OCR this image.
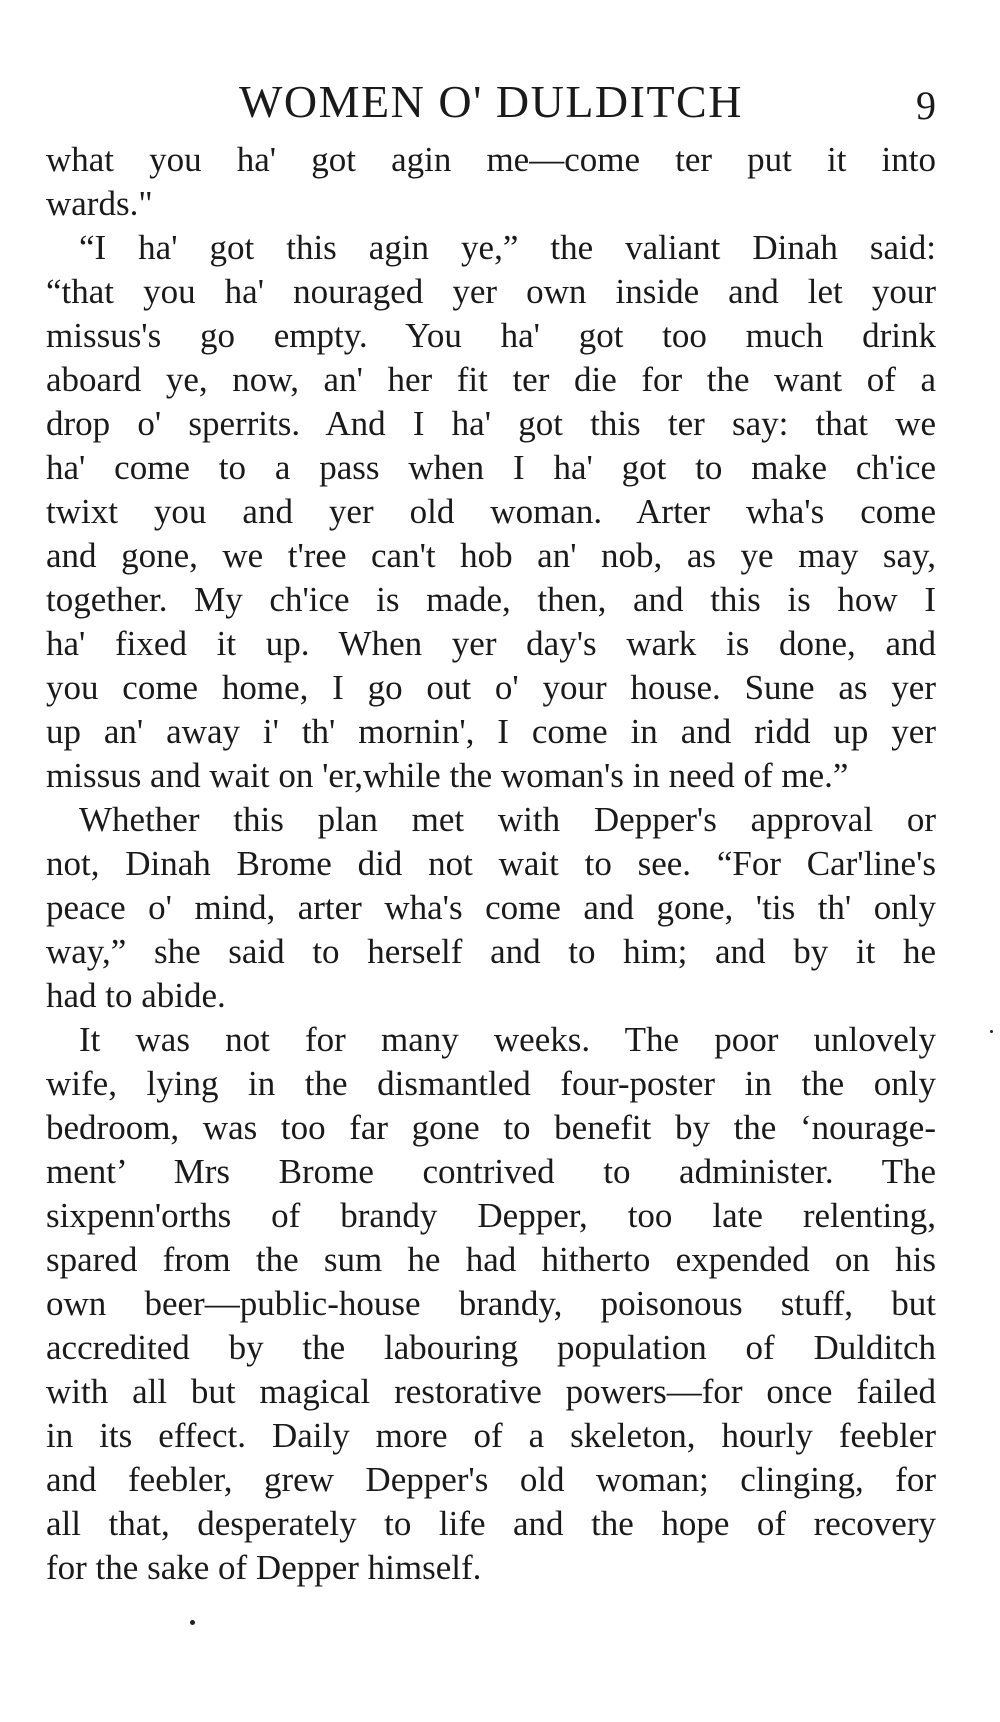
WOMEN O' DULDITCH	9
what you ha' got agin me—come ter put it into
wards."
“I ha' got this agin ye,” the valiant Dinah said:
“that you ha' nouraged yer own inside and let your
missus's go empty. You ha' got too much drink
aboard ye, now, an' her fit ter die for the want of a
drop o' sperrits. And I ha' got this ter say: that we
ha' come to a pass when I ha' got to make ch'ice
twixt you and yer old woman. Arter wha's come
and gone, we t'ree can't hob an' nob, as ye may say,
together. My ch'ice is made, then, and this is how I
ha' fixed it up. When yer day's wark is done, and
you come home, I go out o' your house. Sune as yer
up an' away i' th' mornin', I come in and ridd up yer
missus and wait on 'er,while the woman's in need of me.”
Whether this plan met with Depper's approval or
not, Dinah Brome did not wait to see. “For Car'line's
peace o' mind, arter wha's come and gone, 'tis th' only
way,” she said to herself and to him; and by it he
had to abide.
It was not for many weeks. The poor unlovely
wife, lying in the dismantled four-poster in the only
bedroom, was too far gone to benefit by the ‘nourage-
ment’ Mrs Brome contrived to administer. The
sixpenn'orths of brandy Depper, too late relenting,
spared from the sum he had hitherto expended on his
own beer—public-house brandy, poisonous stuff, but
accredited by the labouring population of Dulditch
with all but magical restorative powers—for once failed
in its effect. Daily more of a skeleton, hourly feebler
and feebler, grew Depper's old woman; clinging, for
all that, desperately to life and the hope of recovery
for the sake of Depper himself.
